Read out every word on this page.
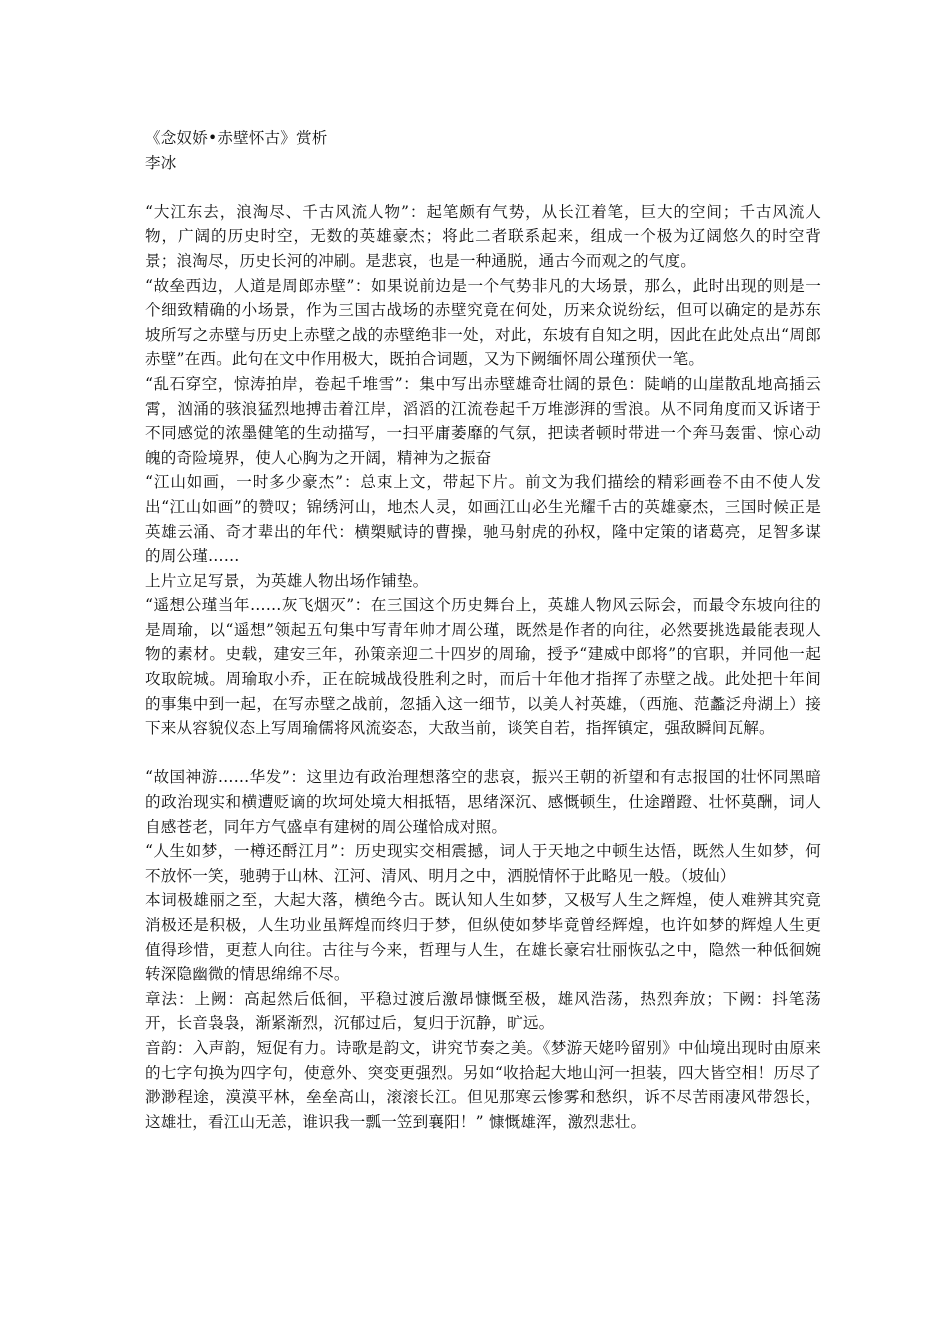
《念奴娇•赤壁怀古》赏析

李冰

“大江东去，浪淘尽、千古风流人物”：起笔颇有气势，从长江着笔，巨大的空间；千古风流人物，广阔的历史时空，无数的英雄豪杰；将此二者联系起来，组成一个极为辽阔悠久的时空背景；浪淘尽，历史长河的冲刷。是悲哀，也是一种通脱，通古今而观之的气度。

“故垒西边，人道是周郎赤壁”：如果说前边是一个气势非凡的大场景，那么，此时出现的则是一个细致精确的小场景，作为三国古战场的赤壁究竟在何处，历来众说纷纭，但可以确定的是苏东坡所写之赤壁与历史上赤壁之战的赤壁绝非一处，对此，东坡有自知之明，因此在此处点出“周郎赤壁”在西。此句在文中作用极大，既拍合词题，又为下阙缅怀周公瑾预伏一笔。

“乱石穿空，惊涛拍岸，卷起千堆雪”：集中写出赤壁雄奇壮阔的景色：陡峭的山崖散乱地高插云霄，汹涌的骇浪猛烈地搏击着江岸，滔滔的江流卷起千万堆澎湃的雪浪。从不同角度而又诉诸于不同感觉的浓墨健笔的生动描写，一扫平庸萎靡的气氛，把读者顿时带进一个奔马轰雷、惊心动魄的奇险境界，使人心胸为之开阔，精神为之振奋

“江山如画，一时多少豪杰”：总束上文，带起下片。前文为我们描绘的精彩画卷不由不使人发出“江山如画”的赞叹；锦绣河山，地杰人灵，如画江山必生光耀千古的英雄豪杰，三国时候正是英雄云涌、奇才辈出的年代：横槊赋诗的曹操，驰马射虎的孙权，隆中定策的诸葛亮，足智多谋的周公瑾……

上片立足写景，为英雄人物出场作铺垫。

“遥想公瑾当年……灰飞烟灭”：在三国这个历史舞台上，英雄人物风云际会，而最令东坡向往的是周瑜，以“遥想”领起五句集中写青年帅才周公瑾，既然是作者的向往，必然要挑选最能表现人物的素材。史载，建安三年，孙策亲迎二十四岁的周瑜，授予“建威中郎将”的官职，并同他一起攻取皖城。周瑜取小乔，正在皖城战役胜利之时，而后十年他才指挥了赤壁之战。此处把十年间的事集中到一起，在写赤壁之战前，忽插入这一细节，以美人衬英雄，（西施、范蠡泛舟湖上）接下来从容貌仪态上写周瑜儒将风流姿态，大敌当前，谈笑自若，指挥镇定，强敌瞬间瓦解。

“故国神游……华发”：这里边有政治理想落空的悲哀，振兴王朝的祈望和有志报国的壮怀同黑暗的政治现实和横遭贬谪的坎坷处境大相抵牾，思绪深沉、感慨顿生，仕途蹭蹬、壮怀莫酬，词人自感苍老，同年方气盛卓有建树的周公瑾恰成对照。

“人生如梦，一樽还酹江月”：历史现实交相震撼，词人于天地之中顿生达悟，既然人生如梦，何不放怀一笑，驰骋于山林、江河、清风、明月之中，洒脱情怀于此略见一般。（坡仙）

本词极雄丽之至，大起大落，横绝今古。既认知人生如梦，又极写人生之辉煌，使人难辨其究竟消极还是积极，人生功业虽辉煌而终归于梦，但纵使如梦毕竟曾经辉煌，也许如梦的辉煌人生更值得珍惜，更惹人向往。古往与今来，哲理与人生，在雄长豪宕壮丽恢弘之中，隐然一种低徊婉转深隐幽微的情思绵绵不尽。

章法：上阙：高起然后低徊，平稳过渡后激昂慷慨至极，雄风浩荡，热烈奔放；下阙：抖笔荡开，长音袅袅，渐紧渐烈，沉郁过后，复归于沉静，旷远。

音韵：入声韵，短促有力。诗歌是韵文，讲究节奏之美。《梦游天姥吟留别》中仙境出现时由原来的七字句换为四字句，使意外、突变更强烈。另如“收拾起大地山河一担装，四大皆空相！历尽了渺渺程途，漠漠平林，垒垒高山，滚滚长江。但见那寒云惨雾和愁织，诉不尽苦雨凄风带怨长，这雄壮，看江山无恙，谁识我一瓢一笠到襄阳！” 慷慨雄浑，激烈悲壮。
